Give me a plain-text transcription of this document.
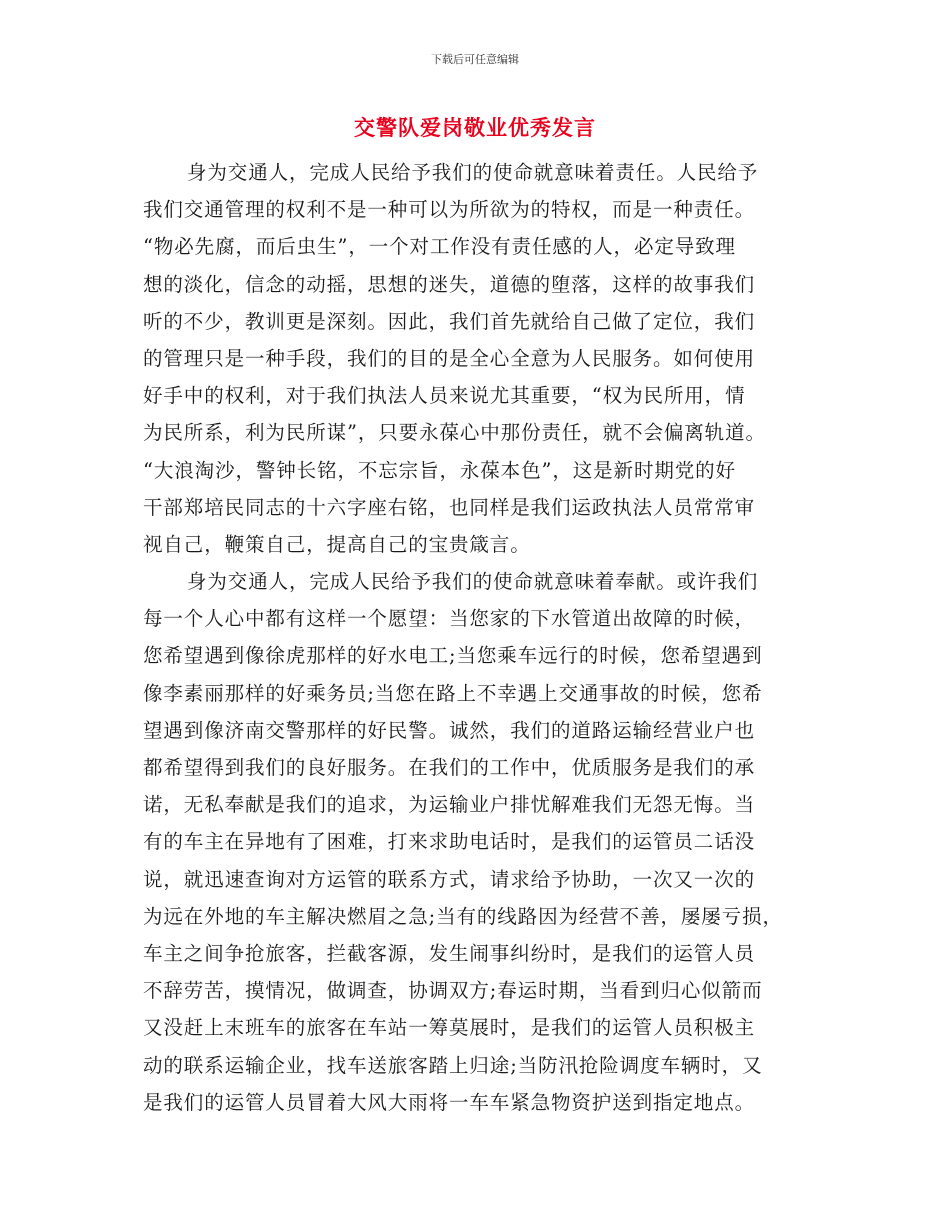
下载后可任意编辑
交警队爱岗敬业优秀发言
身为交通人，完成人民给予我们的使命就意味着责任。人民给予
我们交通管理的权利不是一种可以为所欲为的特权，而是一种责任。
“物必先腐，而后虫生”，一个对工作没有责任感的人，必定导致理
想的淡化，信念的动摇，思想的迷失，道德的堕落，这样的故事我们
听的不少，教训更是深刻。因此，我们首先就给自己做了定位，我们
的管理只是一种手段，我们的目的是全心全意为人民服务。如何使用
好手中的权利，对于我们执法人员来说尤其重要，“权为民所用，情
为民所系，利为民所谋”，只要永葆心中那份责任，就不会偏离轨道。
“大浪淘沙，警钟长铭，不忘宗旨，永葆本色”，这是新时期党的好
干部郑培民同志的十六字座右铭，也同样是我们运政执法人员常常审
视自己，鞭策自己，提高自己的宝贵箴言。
身为交通人，完成人民给予我们的使命就意味着奉献。或许我们
每一个人心中都有这样一个愿望：当您家的下水管道出故障的时候，
您希望遇到像徐虎那样的好水电工;当您乘车远行的时候，您希望遇到
像李素丽那样的好乘务员;当您在路上不幸遇上交通事故的时候，您希
望遇到像济南交警那样的好民警。诚然，我们的道路运输经营业户也
都希望得到我们的良好服务。在我们的工作中，优质服务是我们的承
诺，无私奉献是我们的追求，为运输业户排忧解难我们无怨无悔。当
有的车主在异地有了困难，打来求助电话时，是我们的运管员二话没
说，就迅速查询对方运管的联系方式，请求给予协助，一次又一次的
为远在外地的车主解决燃眉之急;当有的线路因为经营不善，屡屡亏损，
车主之间争抢旅客，拦截客源，发生闹事纠纷时，是我们的运管人员
不辞劳苦，摸情况，做调查，协调双方;春运时期，当看到归心似箭而
又没赶上末班车的旅客在车站一筹莫展时，是我们的运管人员积极主
动的联系运输企业，找车送旅客踏上归途;当防汛抢险调度车辆时，又
是我们的运管人员冒着大风大雨将一车车紧急物资护送到指定地点。
